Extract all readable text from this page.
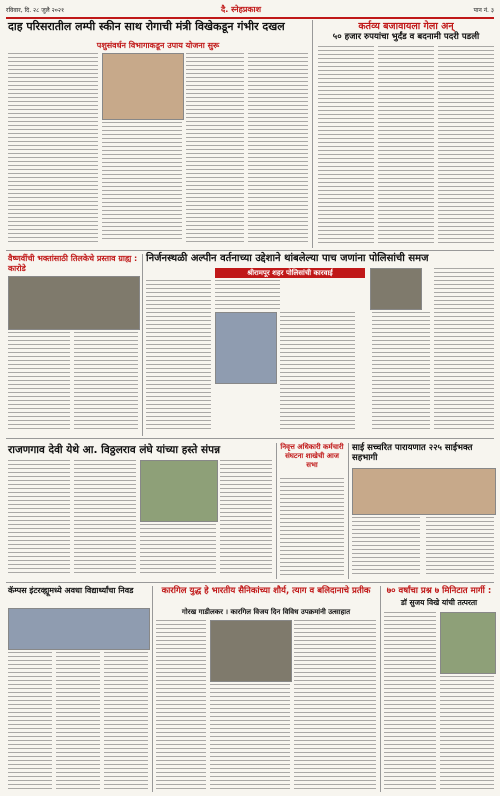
रविवार, दि. २८ जुलै २०२१	दै. स्नेहप्रकाश	पान नं. ३
दाह परिसरातील लम्पी स्कीन साथ रोगाची मंत्री विखेकडून गंभीर दखल
पशुसंवर्धन विभागाकडून उपाय योजना सुरू
कर्तव्य बजावायला गेला अन्
५० हजार रुपयांचा भुर्दंड व बदनामी पदरी पडली
वैष्णवींची भक्तांसाठी तिलकेचे प्रस्ताव ग्राह्य : कारोडे
निर्जनस्थळी अल्पीन वर्तनाच्या उद्देशाने थांबलेल्या पाच जणांना पोलिसांची समज
श्रीरामपूर शहर पोलिसांची कारवाई
राजणगाव देवी येथे आ. विठ्ठलराव लंघे यांच्या हस्ते संपन्न	निवृत्त अधिकारी कर्मचारी संघटना शाखेची आज सभा
साई सच्चरित पारायणात २२५ साईभक्त सहभागी
कॅम्पस इंटरव्ह्यूमध्ये अवधा विद्यार्थ्यांचा निवड	कारगिल युद्ध हे भारतीय सैनिकांच्या शौर्य, त्याग व बलिदानाचे प्रतीक
गोरख गाडीलकर । कारगिल विजय दिन विविध उपक्रमांनी उत्साहात
७० वर्षांचा प्रश्न ७ मिनिटात मार्गी :
डॉ सुजय विखे यांची तत्परता
